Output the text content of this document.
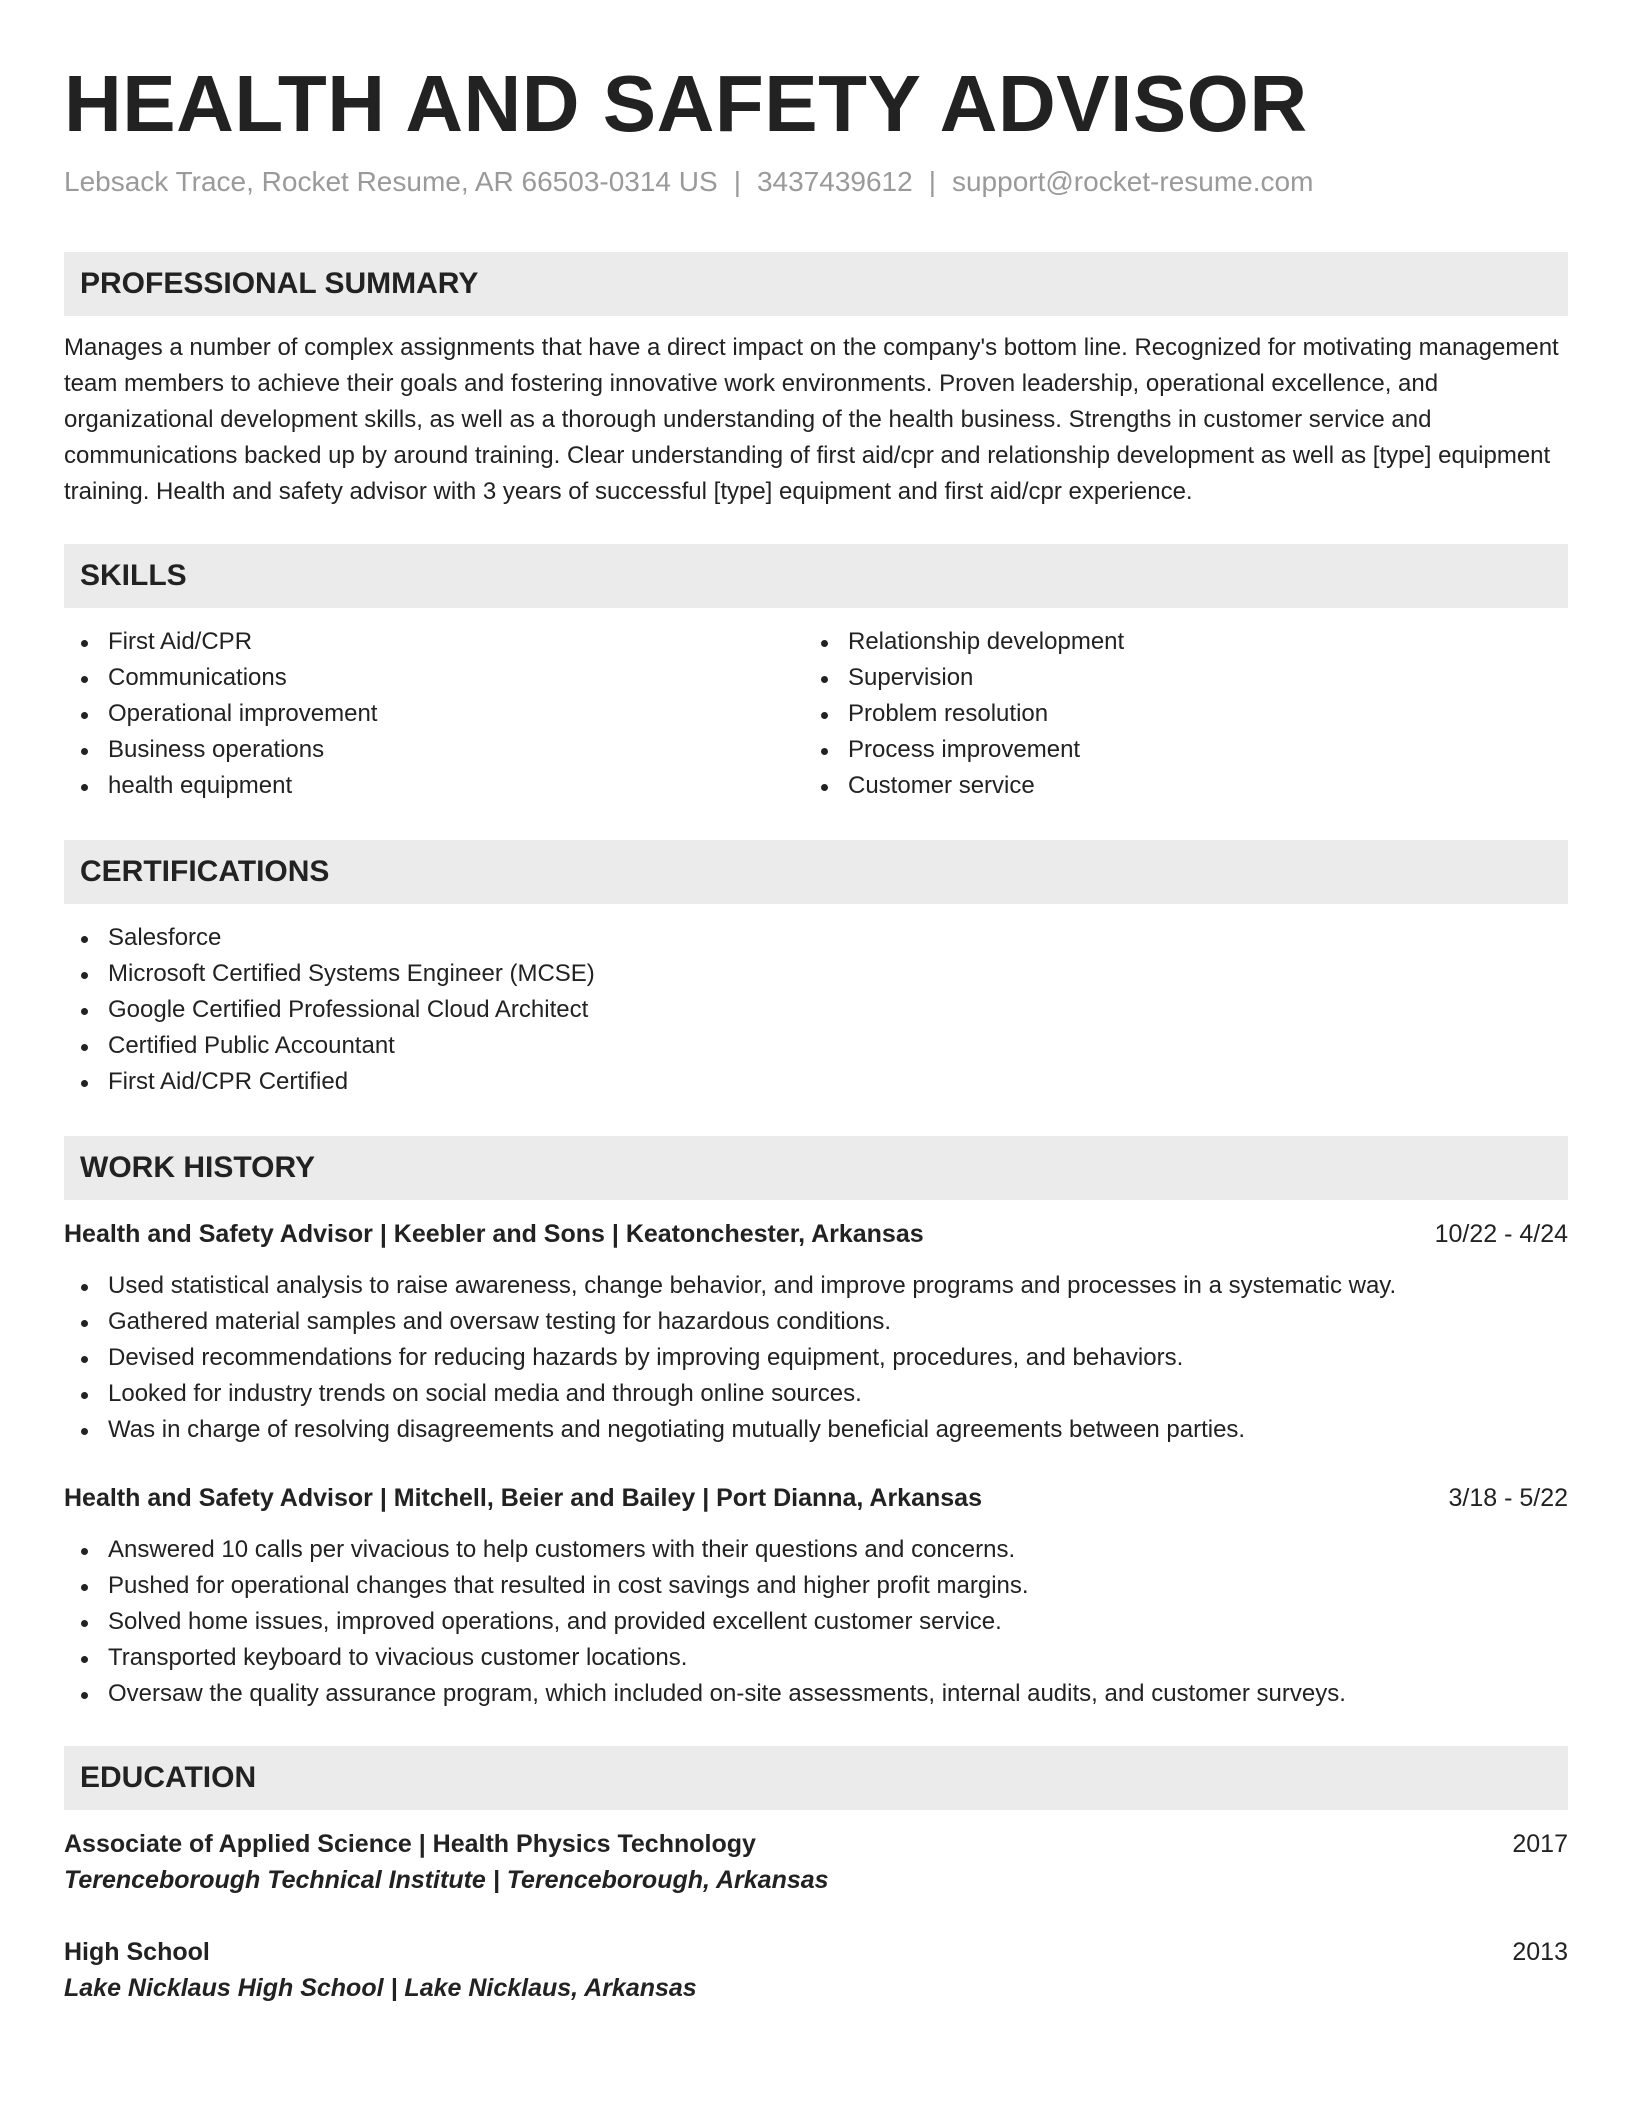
HEALTH AND SAFETY ADVISOR
Lebsack Trace, Rocket Resume, AR 66503-0314 US | 3437439612 | support@rocket-resume.com
PROFESSIONAL SUMMARY
Manages a number of complex assignments that have a direct impact on the company's bottom line. Recognized for motivating management team members to achieve their goals and fostering innovative work environments. Proven leadership, operational excellence, and organizational development skills, as well as a thorough understanding of the health business. Strengths in customer service and communications backed up by around training. Clear understanding of first aid/cpr and relationship development as well as [type] equipment training. Health and safety advisor with 3 years of successful [type] equipment and first aid/cpr experience.
SKILLS
First Aid/CPR
Communications
Operational improvement
Business operations
health equipment
Relationship development
Supervision
Problem resolution
Process improvement
Customer service
CERTIFICATIONS
Salesforce
Microsoft Certified Systems Engineer (MCSE)
Google Certified Professional Cloud Architect
Certified Public Accountant
First Aid/CPR Certified
WORK HISTORY
Health and Safety Advisor | Keebler and Sons | Keatonchester, Arkansas	10/22 - 4/24
Used statistical analysis to raise awareness, change behavior, and improve programs and processes in a systematic way.
Gathered material samples and oversaw testing for hazardous conditions.
Devised recommendations for reducing hazards by improving equipment, procedures, and behaviors.
Looked for industry trends on social media and through online sources.
Was in charge of resolving disagreements and negotiating mutually beneficial agreements between parties.
Health and Safety Advisor | Mitchell, Beier and Bailey | Port Dianna, Arkansas	3/18 - 5/22
Answered 10 calls per vivacious to help customers with their questions and concerns.
Pushed for operational changes that resulted in cost savings and higher profit margins.
Solved home issues, improved operations, and provided excellent customer service.
Transported keyboard to vivacious customer locations.
Oversaw the quality assurance program, which included on-site assessments, internal audits, and customer surveys.
EDUCATION
Associate of Applied Science | Health Physics Technology	2017
Terenceborough Technical Institute | Terenceborough, Arkansas
High School	2013
Lake Nicklaus High School | Lake Nicklaus, Arkansas
